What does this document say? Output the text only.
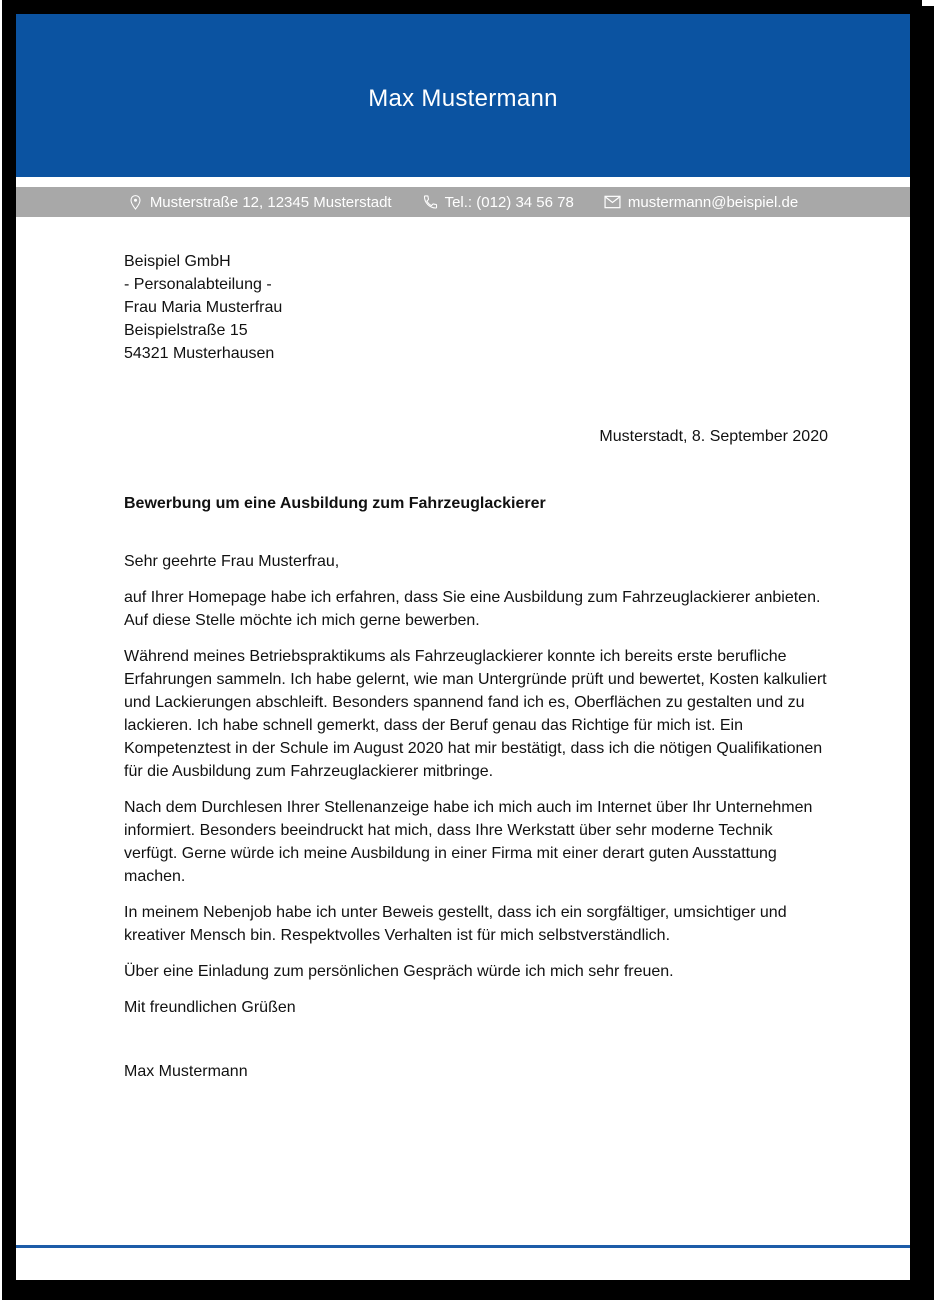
Max Mustermann
Musterstraße 12, 12345 Musterstadt	Tel.: (012) 34 56 78	mustermann@beispiel.de
Beispiel GmbH
- Personalabteilung -
Frau Maria Musterfrau
Beispielstraße 15
54321 Musterhausen
Musterstadt, 8. September 2020
Bewerbung um eine Ausbildung zum Fahrzeuglackierer
Sehr geehrte Frau Musterfrau,

auf Ihrer Homepage habe ich erfahren, dass Sie eine Ausbildung zum Fahrzeuglackierer anbieten. Auf diese Stelle möchte ich mich gerne bewerben.

Während meines Betriebspraktikums als Fahrzeuglackierer konnte ich bereits erste berufliche Erfahrungen sammeln. Ich habe gelernt, wie man Untergründe prüft und bewertet, Kosten kalkuliert und Lackierungen abschleift. Besonders spannend fand ich es, Oberflächen zu gestalten und zu lackieren. Ich habe schnell gemerkt, dass der Beruf genau das Richtige für mich ist. Ein Kompetenztest in der Schule im August 2020 hat mir bestätigt, dass ich die nötigen Qualifikationen für die Ausbildung zum Fahrzeuglackierer mitbringe.

Nach dem Durchlesen Ihrer Stellenanzeige habe ich mich auch im Internet über Ihr Unternehmen informiert. Besonders beeindruckt hat mich, dass Ihre Werkstatt über sehr moderne Technik verfügt. Gerne würde ich meine Ausbildung in einer Firma mit einer derart guten Ausstattung machen.

In meinem Nebenjob habe ich unter Beweis gestellt, dass ich ein sorgfältiger, umsichtiger und kreativer Mensch bin. Respektvolles Verhalten ist für mich selbstverständlich.

Über eine Einladung zum persönlichen Gespräch würde ich mich sehr freuen.

Mit freundlichen Grüßen
Max Mustermann
